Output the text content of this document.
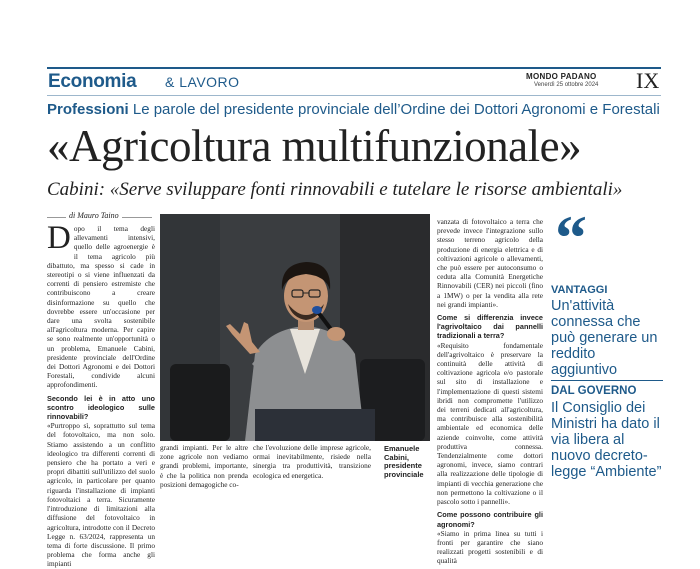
Economia & LAVORO	MONDO PADANO
Venerdì 25 ottobre 2024 IX
Professioni Le parole del presidente provinciale dell’Ordine dei Dottori Agronomi e Forestali
«Agricoltura multifunzionale»
Cabini: «Serve sviluppare fonti rinnovabili e tutelare le risorse ambientali»
di Mauro Taino

Dopo il tema degli allevamenti intensivi, quello delle agroenergie è il tema agricolo più dibattuto, ma spesso si cade in stereotipi o si viene influenzati da correnti di pensiero estremiste che contribuiscono a creare disinformazione su quello che dovrebbe essere un'occasione per dare una svolta sostenibile all'agricoltura moderna. Per capire se sono realmente un'opportunità o un problema, Emanuele Cabini, presidente provinciale dell'Ordine dei Dottori Agronomi e dei Dottori Forestali, condivide alcuni approfondimenti.

Secondo lei è in atto uno scontro ideologico sulle rinnovabili?

«Purtroppo sì, soprattutto sul tema del fotovoltaico, ma non solo. Stiamo assistendo a un conflitto ideologico tra differenti correnti di pensiero che ha portato a veri e propri dibattiti sull'utilizzo del suolo agricolo, in particolare per quanto riguarda l'installazione di impianti fotovoltaici a terra. Sicuramente l'introduzione di limitazioni alla diffusione del fotovoltaico in agricoltura, introdotte con il Decreto Legge n. 63/2024, rappresenta un tema di forte discussione. Il primo problema che forma anche gli impianti

grandi impianti. Per le altre zone agricole non vediamo grandi problemi, importante, è che la politica non prenda posizioni demagogiche co-
che l'evoluzione delle imprese agricole, ormai inevitabilmente, risiede nella sinergia tra produttività, transizione ecologica ed energetica.
Emanuele Cabini, presidente provinciale

vanzata di fotovoltaico a terra che prevede invece l'integrazione sullo stesso terreno agricolo della produzione di energia elettrica e di coltivazioni agricole o allevamenti, che può essere per autoconsumo o ceduta alla Comunità Energetiche Rinnovabili (CER) nei piccoli (fino a 1MW) o per la vendita alla rete nei grandi impianti».

Come si differenzia invece l'agrivoltaico dai pannelli tradizionali a terra?

«Requisito fondamentale dell'agrivoltaico è preservare la continuità delle attività di coltivazione agricola e/o pastorale sul sito di installazione e l'implementazione di questi sistemi ibridi non compromette l'utilizzo dei terreni dedicati all'agricoltura, ma contribuisce alla sostenibilità ambientale ed economica delle aziende coinvolte, come attività produttiva connessa. Tendenzialmente come dottori agronomi, invece, siamo contrari alla realizzazione delle tipologie di impianti di vecchia generazione che non permettono la coltivazione o il pascolo sotto i pannelli».

Come possono contribuire gli agronomi?

«Siamo in prima linea su tutti i fronti per garantire che siano realizzati progetti sostenibili e di qualità

“
VANTAGGI
Un'attività connessa che può generare un reddito aggiuntivo
DAL GOVERNO
Il Consiglio dei Ministri ha dato il via libera al nuovo decreto-legge “Ambiente”
